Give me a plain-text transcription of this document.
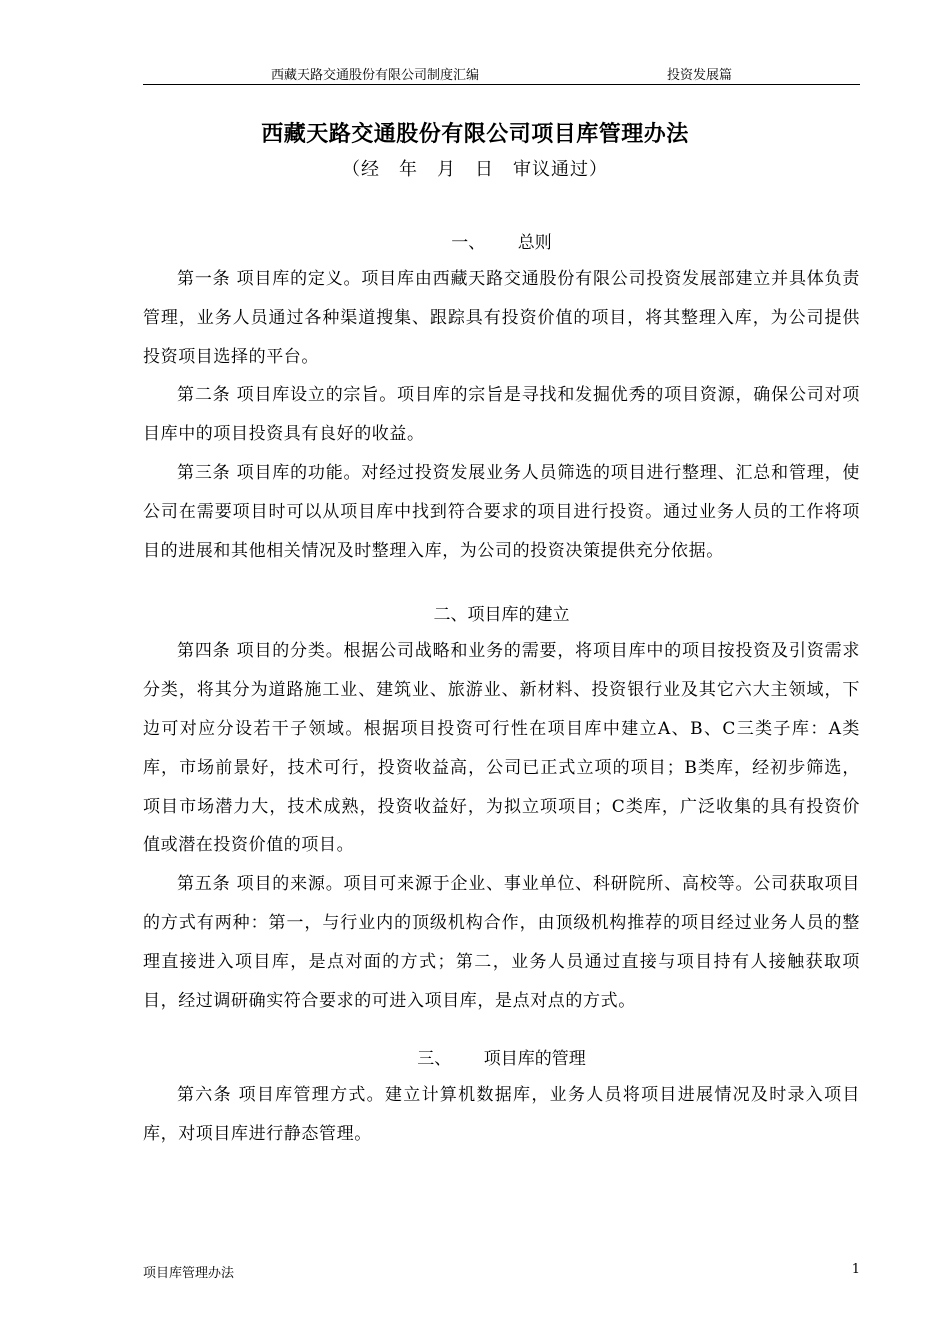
西藏天路交通股份有限公司制度汇编	投资发展篇
西藏天路交通股份有限公司项目库管理办法
（经　年　月　日　审议通过）
一、      总则

第一条 项目库的定义。项目库由西藏天路交通股份有限公司投资发展部建立并具体负责管理，业务人员通过各种渠道搜集、跟踪具有投资价值的项目，将其整理入库，为公司提供投资项目选择的平台。

第二条 项目库设立的宗旨。项目库的宗旨是寻找和发掘优秀的项目资源，确保公司对项目库中的项目投资具有良好的收益。

第三条 项目库的功能。对经过投资发展业务人员筛选的项目进行整理、汇总和管理，使公司在需要项目时可以从项目库中找到符合要求的项目进行投资。通过业务人员的工作将项目的进展和其他相关情况及时整理入库，为公司的投资决策提供充分依据。

二、项目库的建立

第四条 项目的分类。根据公司战略和业务的需要，将项目库中的项目按投资及引资需求分类，将其分为道路施工业、建筑业、旅游业、新材料、投资银行业及其它六大主领域，下边可对应分设若干子领域。根据项目投资可行性在项目库中建立A、B、C三类子库：A类库，市场前景好，技术可行，投资收益高，公司已正式立项的项目；B类库，经初步筛选，项目市场潜力大，技术成熟，投资收益好，为拟立项项目；C类库，广泛收集的具有投资价值或潜在投资价值的项目。

第五条 项目的来源。项目可来源于企业、事业单位、科研院所、高校等。公司获取项目的方式有两种：第一，与行业内的顶级机构合作，由顶级机构推荐的项目经过业务人员的整理直接进入项目库，是点对面的方式；第二，业务人员通过直接与项目持有人接触获取项目，经过调研确实符合要求的可进入项目库，是点对点的方式。

三、      项目库的管理

第六条 项目库管理方式。建立计算机数据库，业务人员将项目进展情况及时录入项目库，对项目库进行静态管理。

项目库管理办法	1
